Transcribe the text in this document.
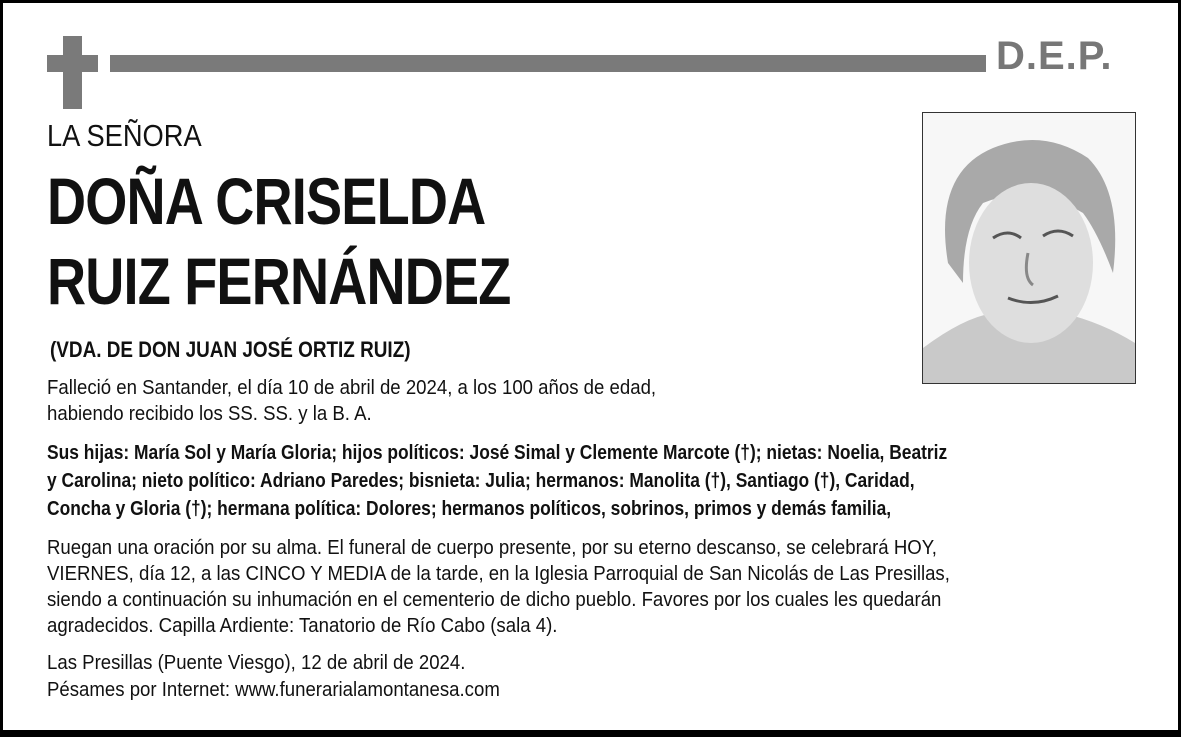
D.E.P.
LA SEÑORA
DOÑA CRISELDA
RUIZ FERNÁNDEZ
(VDA. DE DON JUAN JOSÉ ORTIZ RUIZ)
Falleció en Santander, el día 10 de abril de 2024, a los 100 años de edad,
habiendo recibido los SS. SS. y la B. A.
Sus hijas: María Sol y María Gloria; hijos políticos: José Simal y Clemente Marcote (†); nietas: Noelia, Beatriz
y Carolina; nieto político: Adriano Paredes; bisnieta: Julia; hermanos: Manolita (†), Santiago (†), Caridad,
Concha y Gloria (†); hermana política: Dolores; hermanos políticos, sobrinos, primos y demás familia,
Ruegan una oración por su alma. El funeral de cuerpo presente, por su eterno descanso, se celebrará HOY,
VIERNES, día 12, a las CINCO Y MEDIA de la tarde, en la Iglesia Parroquial de San Nicolás de Las Presillas,
siendo a continuación su inhumación en el cementerio de dicho pueblo. Favores por los cuales les quedarán
agradecidos. Capilla Ardiente: Tanatorio de Río Cabo (sala 4).
Las Presillas (Puente Viesgo), 12 de abril de 2024.
Pésames por Internet: www.funerarialamontanesa.com
